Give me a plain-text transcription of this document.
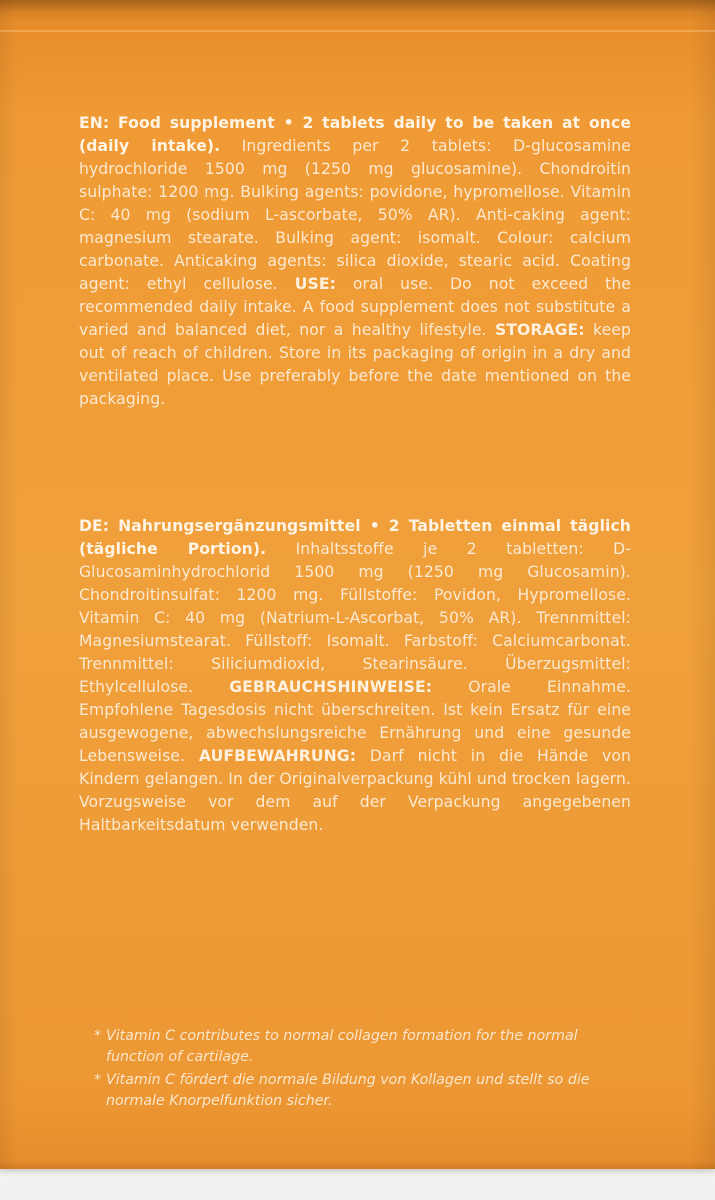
EN: Food supplement • 2 tablets daily to be taken at once (daily intake). Ingredients per 2 tablets: D-glucosamine hydrochloride 1500 mg (1250 mg glucosamine). Chondroitin sulphate: 1200 mg. Bulking agents: povidone, hypromellose. Vitamin C: 40 mg (sodium L-ascorbate, 50% AR). Anti-caking agent: magnesium stearate. Bulking agent: isomalt. Colour: calcium carbonate. Anticaking agents: silica dioxide, stearic acid. Coating agent: ethyl cellulose. USE: oral use. Do not exceed the recommended daily intake. A food supplement does not substitute a varied and balanced diet, nor a healthy lifestyle. STORAGE: keep out of reach of children. Store in its packaging of origin in a dry and ventilated place. Use preferably before the date mentioned on the packaging.
DE: Nahrungsergänzungsmittel • 2 Tabletten einmal täglich (tägliche Portion). Inhaltsstoffe je 2 tabletten: D-Glucosaminhydrochlorid 1500 mg (1250 mg Glucosamin). Chondroitinsulfat: 1200 mg. Füllstoffe: Povidon, Hypromellose. Vitamin C: 40 mg (Natrium-L-Ascorbat, 50% AR). Trennmittel: Magnesiumstearat. Füllstoff: Isomalt. Farbstoff: Calciumcarbonat. Trennmittel: Siliciumdioxid, Stearinsäure. Überzugsmittel: Ethylcellulose. GEBRAUCHSHINWEISE: Orale Einnahme. Empfohlene Tagesdosis nicht überschreiten. Ist kein Ersatz für eine ausgewogene, abwechslungsreiche Ernährung und eine gesunde Lebensweise. AUFBEWAHRUNG: Darf nicht in die Hände von Kindern gelangen. In der Originalverpackung kühl und trocken lagern. Vorzugsweise vor dem auf der Verpackung angegebenen Haltbarkeitsdatum verwenden.
* Vitamin C contributes to normal collagen formation for the normal function of cartilage.
* Vitamin C fördert die normale Bildung von Kollagen und stellt so die normale Knorpelfunktion sicher.
